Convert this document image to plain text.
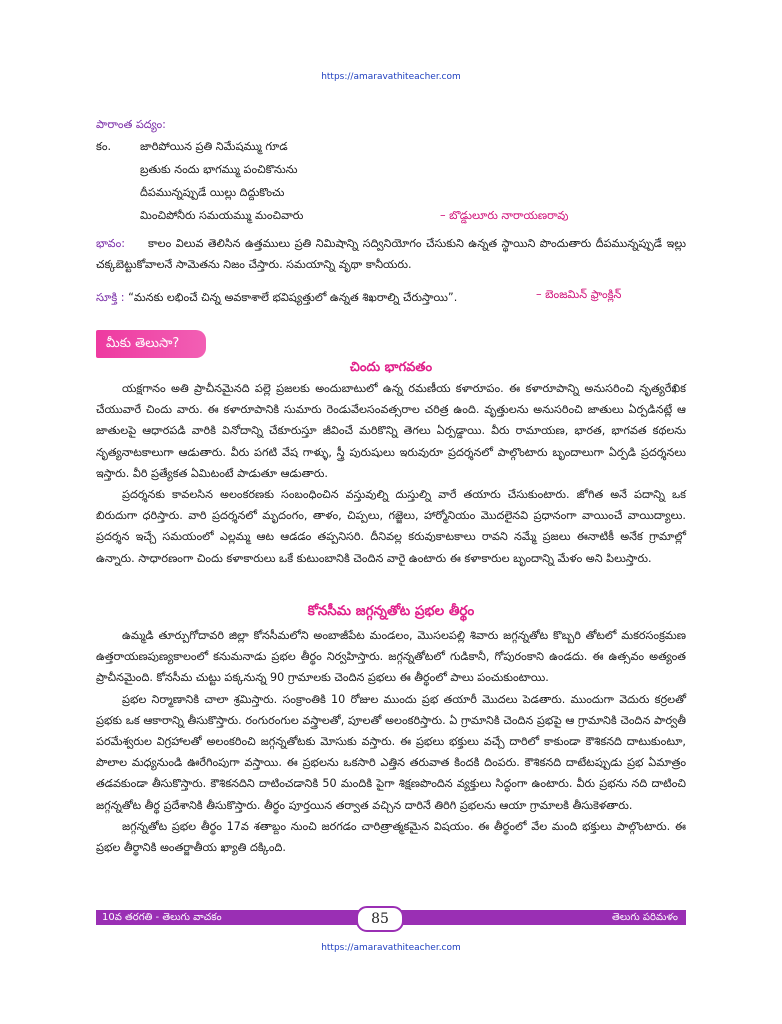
https://amaravathiteacher.com
పారాంత పద్యం:
కం.	జారిపోయిన ప్రతి నిమేషమ్ము గూడ
బ్రతుకు నందు భాగమ్ము పంచికొనును
దీపమున్నప్పుడే యిల్లు దిద్దుకొంచు
మించిపోనీరు సమయమ్ము మంచివారు	– బొడ్డులూరు నారాయణరావు

భావం: కాలం విలువ తెలిసిన ఉత్తములు ప్రతి నిమిషాన్ని సద్వినియోగం చేసుకుని ఉన్నత స్థాయిని పొందుతారు దీపమున్నప్పుడే ఇల్లు చక్కబెట్టుకోవాలనే సామెతను నిజం చేస్తారు. సమయాన్ని వృథా కానీయరు.

సూక్తి : “మనకు లభించే చిన్న అవకాశాలే భవిష్యత్తులో ఉన్నత శిఖరాల్ని చేరుస్తాయి”.	– బెంజమిన్ ఫ్రాంక్లిన్
మీకు తెలుసా?
చిందు భాగవతం

యక్షగానం అతి ప్రాచీనమైనది పల్లె ప్రజలకు అందుబాటులో ఉన్న రమణీయ కళారూపం. ఈ కళారూపాన్ని అనుసరించి నృత్యరేఖిక చేయువారే చిందు వారు. ఈ కళారూపానికి సుమారు రెండువేలసంవత్సరాల చరిత్ర ఉంది. వృత్తులను అనుసరించి జాతులు ఏర్పడినట్లే ఆ జాతులపై ఆధారపడి వారికి వినోదాన్ని చేకూరుస్తూ జీవించే మరికొన్ని తెగలు ఏర్పడ్డాయి. వీరు రామాయణ, భారత, భాగవత కథలను నృత్యనాటకాలుగా ఆడుతారు. వీరు పగటి వేష గాళ్ళు, స్త్రీ పురుషులు ఇరువురూ ప్రదర్శనలో పాల్గొంటారు బృందాలుగా ఏర్పడి ప్రదర్శనలు ఇస్తారు. వీరి ప్రత్యేకత ఏమిటంటే పాడుతూ ఆడుతారు.

ప్రదర్శనకు కావలసిన అలంకరణకు సంబంధించిన వస్తువుల్ని దుస్తుల్ని వారే తయారు చేసుకుంటారు. జోగిత అనే పదాన్ని ఒక బిరుదుగా ధరిస్తారు. వారి ప్రదర్శనలో మృదంగం, తాళం, చిప్పలు, గజ్జెలు, హార్మోనియం మొదలైనవి ప్రధానంగా వాయించే వాయిద్యాలు. ప్రదర్శన ఇచ్చే సమయంలో ఎల్లమ్మ ఆట ఆడడం తప్పనిసరి. దీనివల్ల కరువుకాటకాలు రావని నమ్మే ప్రజలు ఈనాటికీ అనేక గ్రామాల్లో ఉన్నారు. సాధారణంగా చిందు కళాకారులు ఒకే కుటుంబానికి చెందిన వారై ఉంటారు ఈ కళాకారుల బృందాన్ని మేళం అని పిలుస్తారు.

కోనసీమ జగ్గన్నతోట ప్రభల తీర్థం

ఉమ్మడి తూర్పుగోదావరి జిల్లా కోనసీమలోని అంబాజీపేట మండలం, మొసలపల్లి శివారు జగ్గన్నతోట కొబ్బరి తోటలో మకరసంక్రమణ ఉత్తరాయణపుణ్యకాలంలో కనుమనాడు ప్రభల తీర్థం నిర్వహిస్తారు. జగ్గన్నతోటలో గుడికానీ, గోపురంకాని ఉండదు. ఈ ఉత్సవం అత్యంత ప్రాచీనమైంది. కోనసీమ చుట్టు పక్కనున్న 90 గ్రామాలకు చెందిన ప్రభలు ఈ తీర్థంలో పాలు పంచుకుంటాయి.

ప్రభల నిర్మాణానికి చాలా శ్రమిస్తారు. సంక్రాంతికి 10 రోజుల ముందు ప్రభ తయారీ మొదలు పెడతారు. ముందుగా వెదురు కర్రలతో ప్రభకు ఒక ఆకారాన్ని తీసుకొస్తారు. రంగురంగుల వస్త్రాలతో, పూలతో అలంకరిస్తారు. ఏ గ్రామానికి చెందిన ప్రభపై ఆ గ్రామానికి చెందిన పార్వతీ పరమేశ్వరుల విగ్రహాలతో అలంకరించి జగ్గన్నతోటకు మోసుకు వస్తారు. ఈ ప్రభలు భక్తులు వచ్చే దారిలో కాకుండా కౌశికనది దాటుకుంటూ, పొలాల మధ్యనుండి ఊరేగింపుగా వస్తాయి. ఈ ప్రభలను ఒకసారి ఎత్తిన తరువాత కిందకి దింపరు. కౌశికనది దాటేటప్పుడు ప్రభ ఏమాత్రం తడవకుండా తీసుకొస్తారు. కౌశికనదిని దాటించడానికి 50 మందికి పైగా శిక్షణపొందిన వ్యక్తులు సిద్ధంగా ఉంటారు. వీరు ప్రభను నది దాటించి జగ్గన్నతోట తీర్థ ప్రదేశానికి తీసుకొస్తారు. తీర్థం పూర్తయిన తర్వాత వచ్చిన దారినే తిరిగి ప్రభలను ఆయా గ్రామాలకి తీసుకెళతారు.

జగ్గన్నతోట ప్రభల తీర్థం 17వ శతాబ్దం నుంచి జరగడం చారిత్రాత్మకమైన విషయం. ఈ తీర్థంలో వేల మంది భక్తులు పాల్గొంటారు. ఈ ప్రభల తీర్థానికి అంతర్జాతీయ ఖ్యాతి దక్కింది.

10వ తరగతి - తెలుగు వాచకం	85	తెలుగు పరిమళం
https://amaravathiteacher.com
